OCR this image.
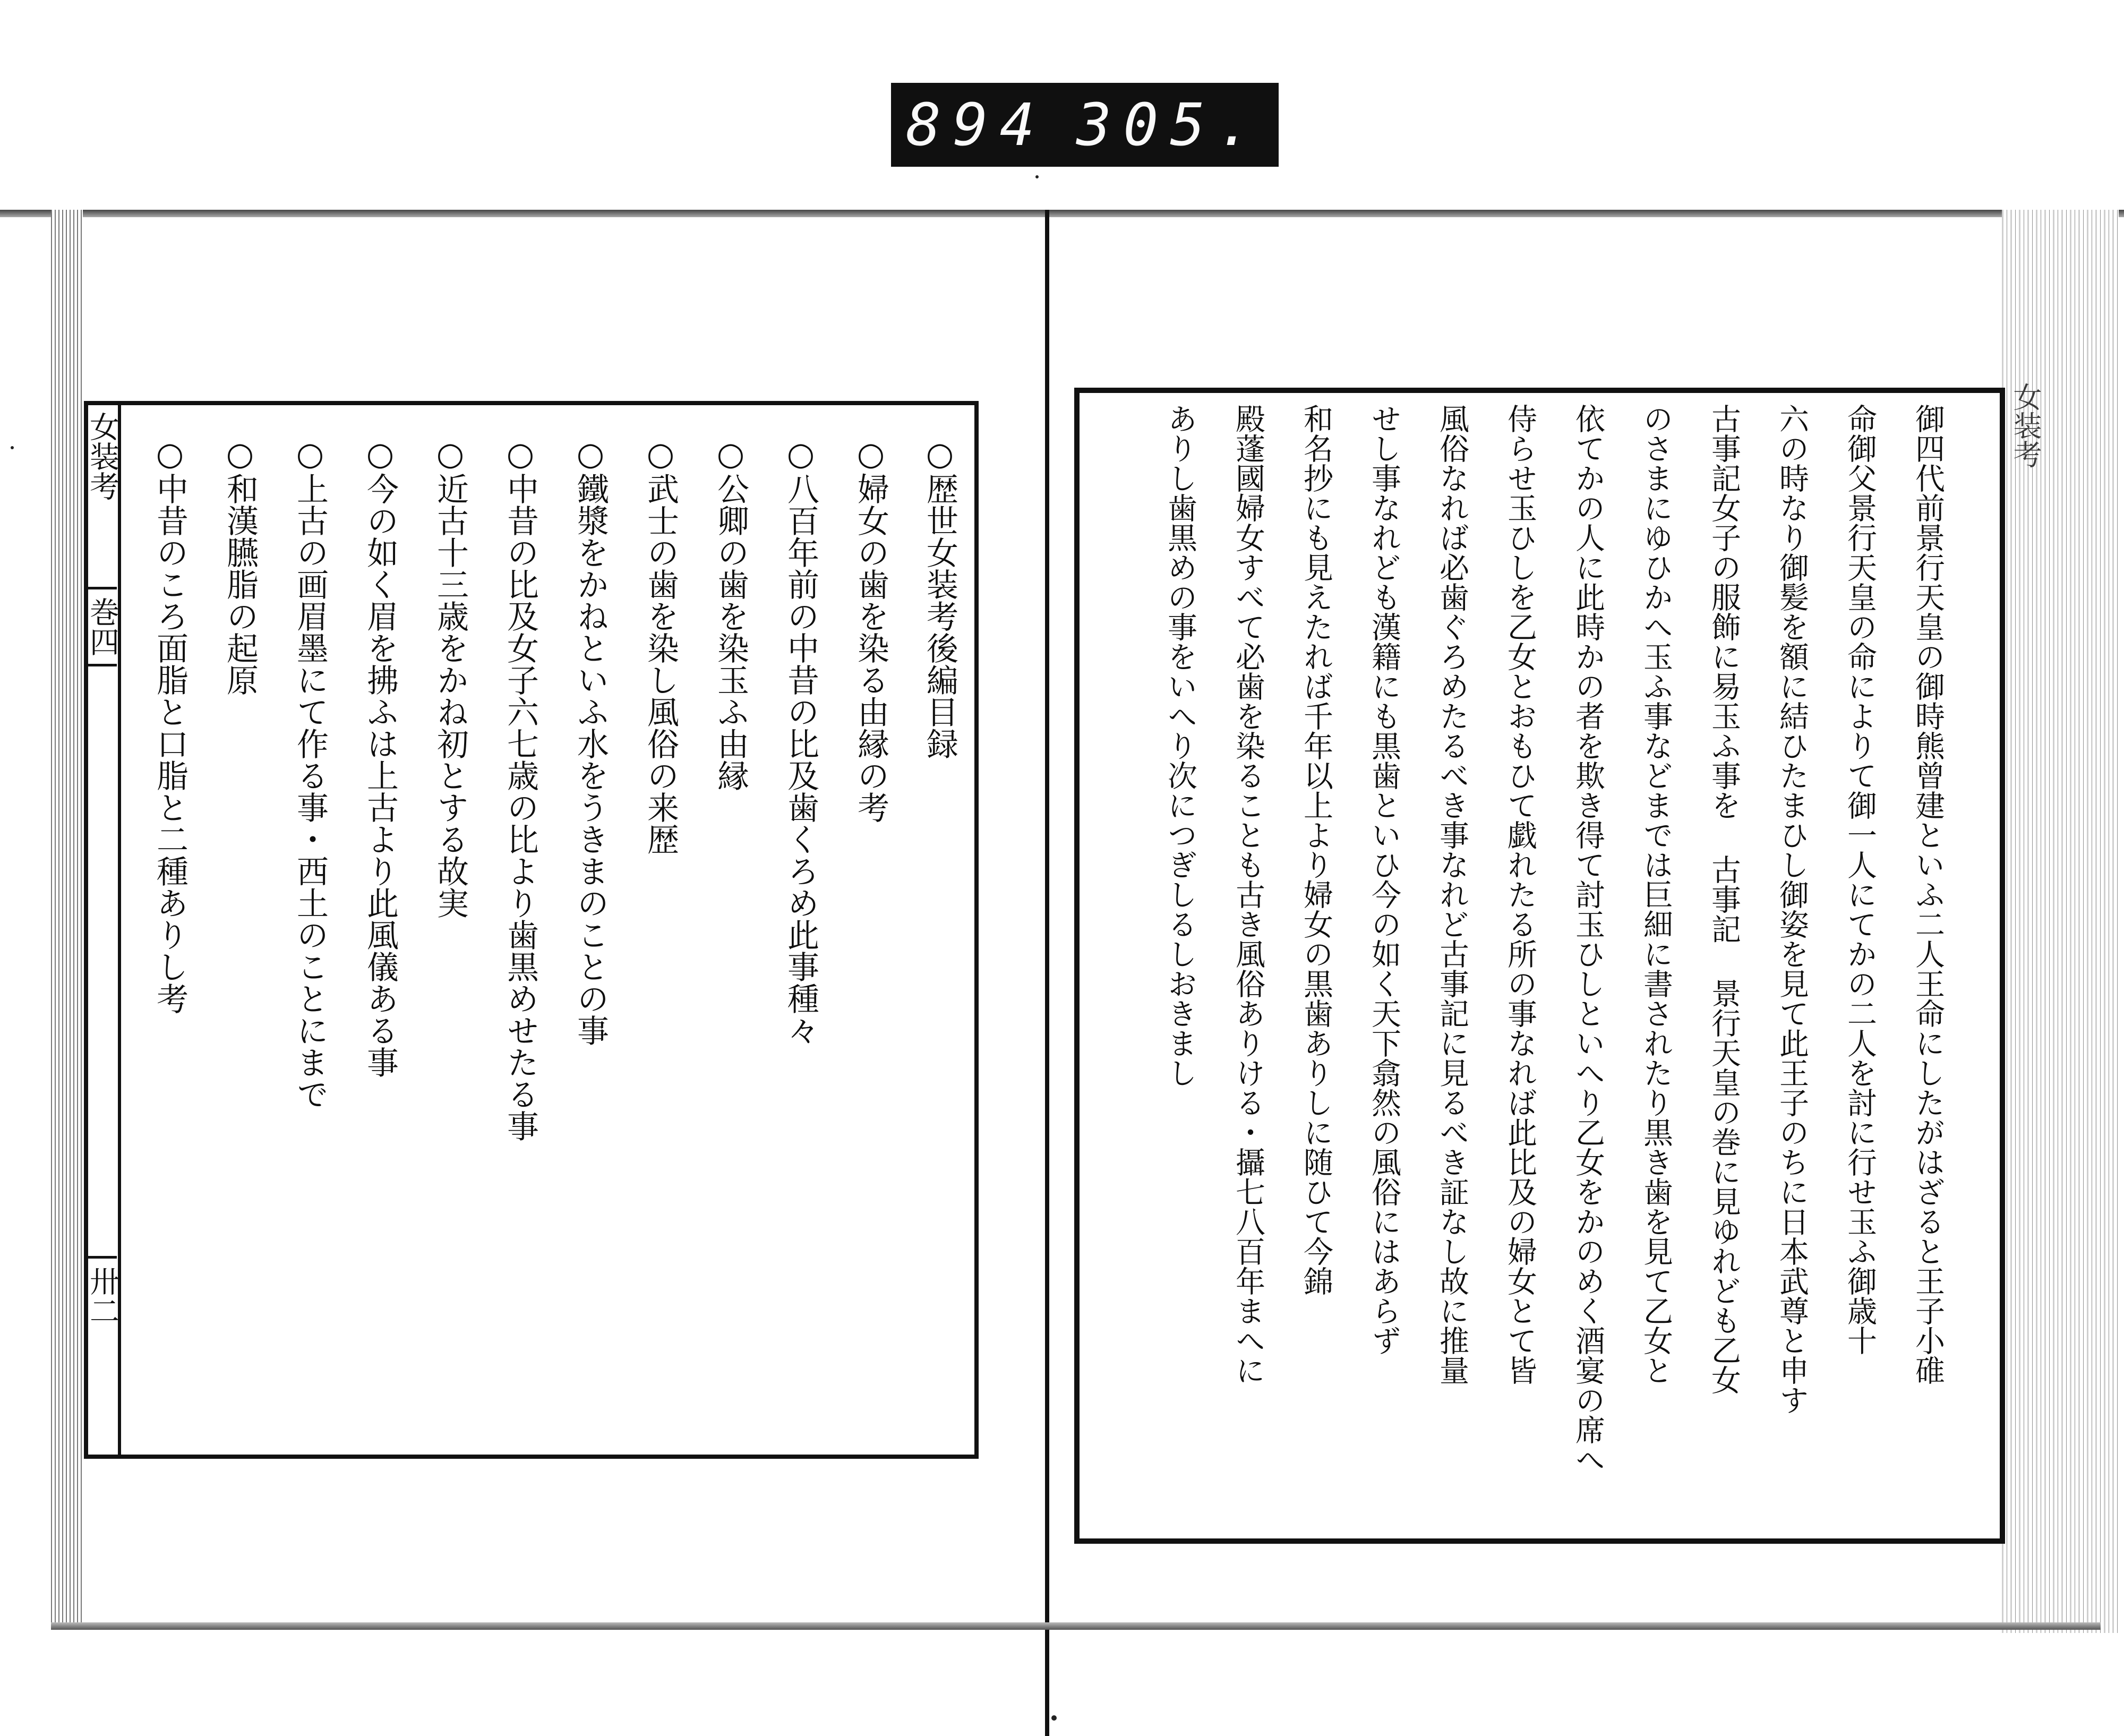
894 305.
女装考
巻四
卅二
○歴世女装考後編目録
○婦女の歯を染る由縁の考
○八百年前の中昔の比及歯くろめ此事種々
○公卿の歯を染玉ふ由縁
○武士の歯を染し風俗の来歴
○鐵漿をかねといふ水をうきまのことの事
○中昔の比及女子六七歳の比より歯黒めせたる事
○近古十三歳をかね初とする故実
○今の如く眉を拂ふは上古より此風儀ある事
○上古の画眉墨にて作る事・西土のことにまで
○和漢臙脂の起原
○中昔のころ面脂と口脂と二種ありし考
女装考
御四代前景行天皇の御時熊曾建といふ二人王命にしたがはざると王子小碓
命御父景行天皇の命によりて御一人にてかの二人を討に行せ玉ふ御歳十
六の時なり御髪を額に結ひたまひし御姿を見て此王子のちに日本武尊と申す
古事記女子の服飾に易玉ふ事を 古事記 景行天皇の巻に見ゆれども乙女
のさまにゆひかへ玉ふ事などまでは巨細に書されたり黒き歯を見て乙女と
依てかの人に此時かの者を欺き得て討玉ひしといへり乙女をかのめく酒宴の席へ
侍らせ玉ひしを乙女とおもひて戯れたる所の事なれば此比及の婦女とて皆
風俗なれば必歯ぐろめたるべき事なれど古事記に見るべき証なし故に推量
せし事なれども漢籍にも黒歯といひ今の如く天下翕然の風俗にはあらず
和名抄にも見えたれば千年以上より婦女の黒歯ありしに随ひて今錦
殿蓬國婦女すべて必歯を染ることも古き風俗ありける・攝七八百年まへに
ありし歯黒めの事をいへり次につぎしるしおきまし
